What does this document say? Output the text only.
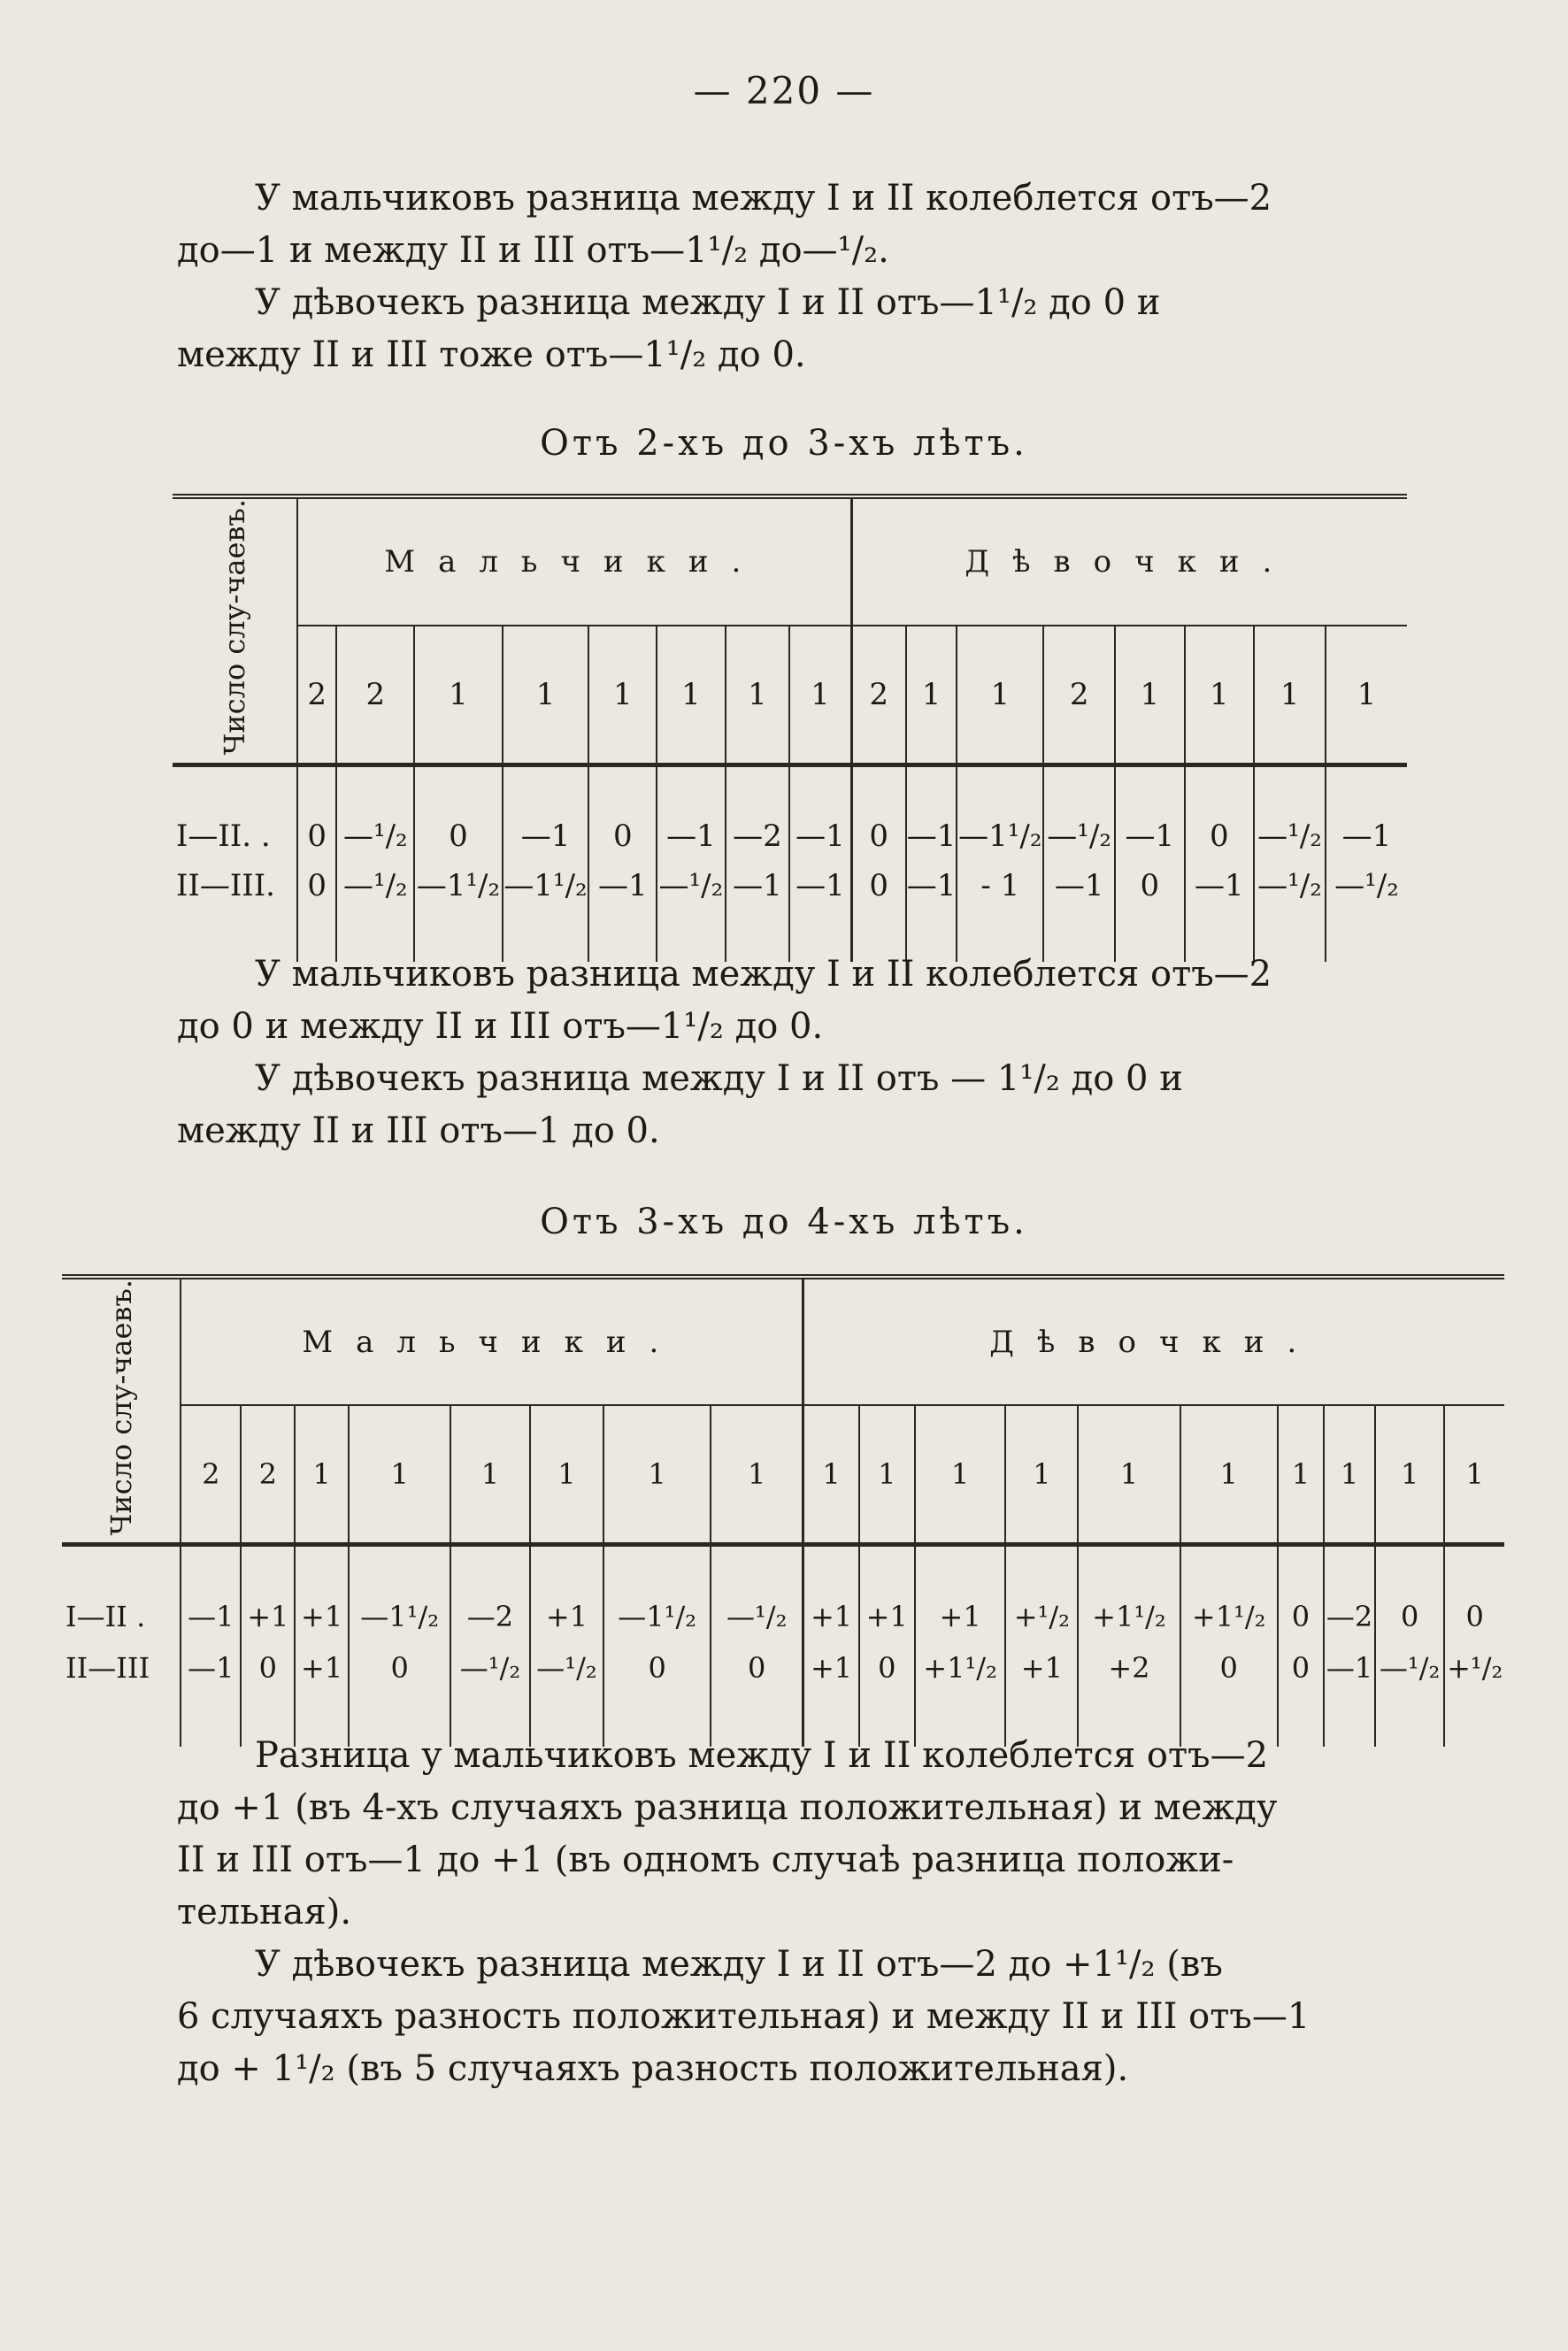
— 220 —

У мальчиковъ разница между I и II колеблется отъ—2
до—1 и между II и III отъ—1¹/₂ до—¹/₂.

У дѣвочекъ разница между I и II отъ—1¹/₂ до 0 и
между II и III тоже отъ—1¹/₂ до 0.

Отъ 2-хъ до 3-хъ лѣтъ.
Число слу-чаевъ.	Мальчики.								Дѣвочки.							
	2	2	1	1	1	1	1	1	2	1	1	2	1	1	1	1
I—II. .	0	—¹/₂	0	—1	0	—1	—2	—1	0	—1	—1¹/₂	—¹/₂	—1	0	—¹/₂	—1
II—III.	0	—¹/₂	—1¹/₂	—1¹/₂	—1	—¹/₂	—1	—1	0	—1	- 1	—1	0	—1	—¹/₂	—¹/₂

У мальчиковъ разница между I и II колеблется отъ—2
до 0 и между II и III отъ—1¹/₂ до 0.

У дѣвочекъ разница между I и II отъ — 1¹/₂ до 0 и
между II и III отъ—1 до 0.

Отъ 3-хъ до 4-хъ лѣтъ.
Число слу-чаевъ.	Мальчики.								Дѣвочки.									
	2	2	1	1	1	1	1	1	1	1	1	1	1	1	1	1	1	1
I—II .	—1	+1	+1	—1¹/₂	—2	+1	—1¹/₂	—¹/₂	+1	+1	+1	+¹/₂	+1¹/₂	+1¹/₂	0	—2	0	0
II—III	—1	0	+1	0	—¹/₂	—¹/₂	0	0	+1	0	+1¹/₂	+1	+2	0	0	—1	—¹/₂	+¹/₂

Разница у мальчиковъ между I и II колеблется отъ—2
до +1 (въ 4-хъ случаяхъ разница положительная) и между
II и III отъ—1 до +1 (въ одномъ случаѣ разница положи-
тельная).

У дѣвочекъ разница между I и II отъ—2 до +1¹/₂ (въ
6 случаяхъ разность положительная) и между II и III отъ—1
до + 1¹/₂ (въ 5 случаяхъ разность положительная).
